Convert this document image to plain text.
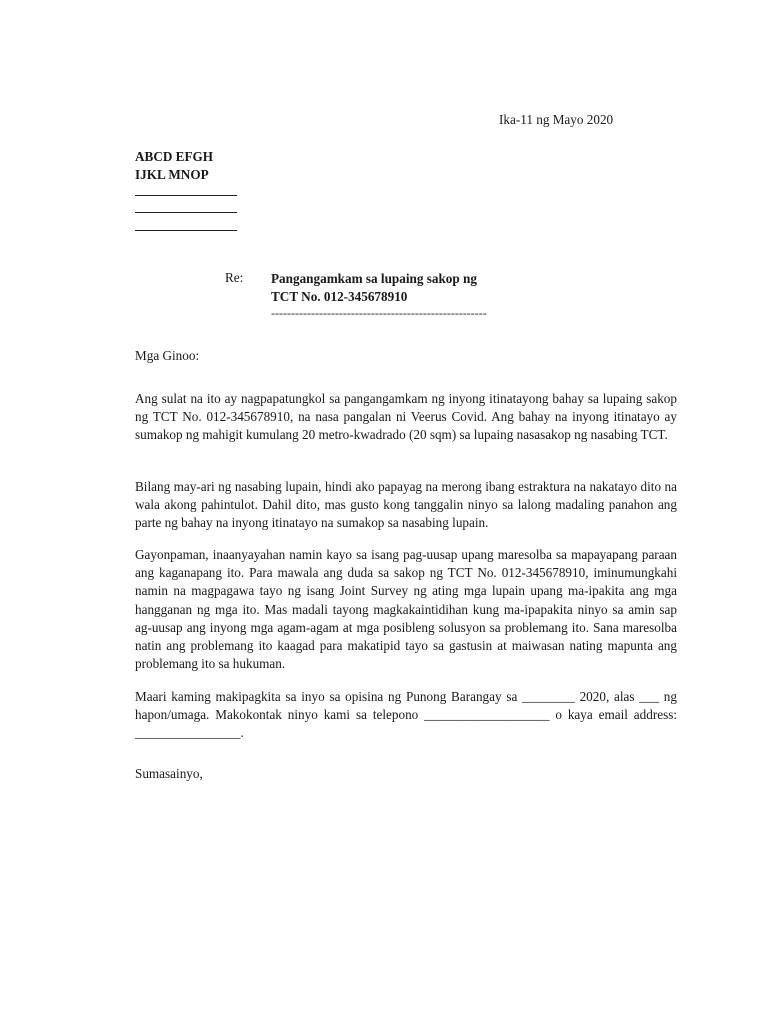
Ika-11 ng Mayo 2020
ABCD EFGH
IJKL MNOP
Re: Pangangamkam sa lupaing sakop ng
TCT No. 012-345678910
------------------------------------------------------
Mga Ginoo:

Ang sulat na ito ay nagpapatungkol sa pangangamkam ng inyong itinatayong bahay sa lupaing sakop ng TCT No. 012-345678910, na nasa pangalan ni Veerus Covid. Ang bahay na inyong itinatayo ay sumakop ng mahigit kumulang 20 metro-kwadrado (20 sqm) sa lupaing nasasakop ng nasabing TCT.

Bilang may-ari ng nasabing lupain, hindi ako papayag na merong ibang estraktura na nakatayo dito na wala akong pahintulot. Dahil dito, mas gusto kong tanggalin ninyo sa lalong madaling panahon ang parte ng bahay na inyong itinatayo na sumakop sa nasabing lupain.

Gayonpaman, inaanyayahan namin kayo sa isang pag-uusap upang maresolba sa mapayapang paraan ang kaganapang ito. Para mawala ang duda sa sakop ng TCT No. 012-345678910, iminumungkahi namin na magpagawa tayo ng isang Joint Survey ng ating mga lupain upang ma-ipakita ang mga hangganan ng mga ito. Mas madali tayong magkakaintidihan kung ma-ipapakita ninyo sa amin sap ag-uusap ang inyong mga agam-agam at mga posibleng solusyon sa problemang ito. Sana maresolba natin ang problemang ito kaagad para makatipid tayo sa gastusin at maiwasan nating mapunta ang problemang ito sa hukuman.

Maari kaming makipagkita sa inyo sa opisina ng Punong Barangay sa ________ 2020, alas ___ ng hapon/umaga. Makokontak ninyo kami sa telepono ___________________ o kaya email address: ________________.

Sumasainyo,
